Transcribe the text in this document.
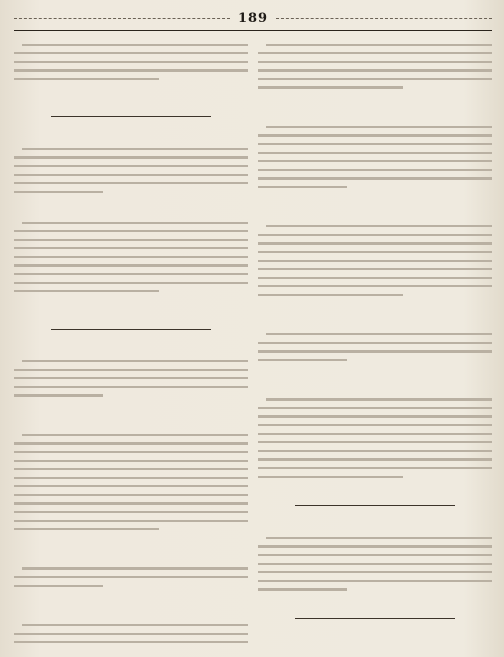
189
